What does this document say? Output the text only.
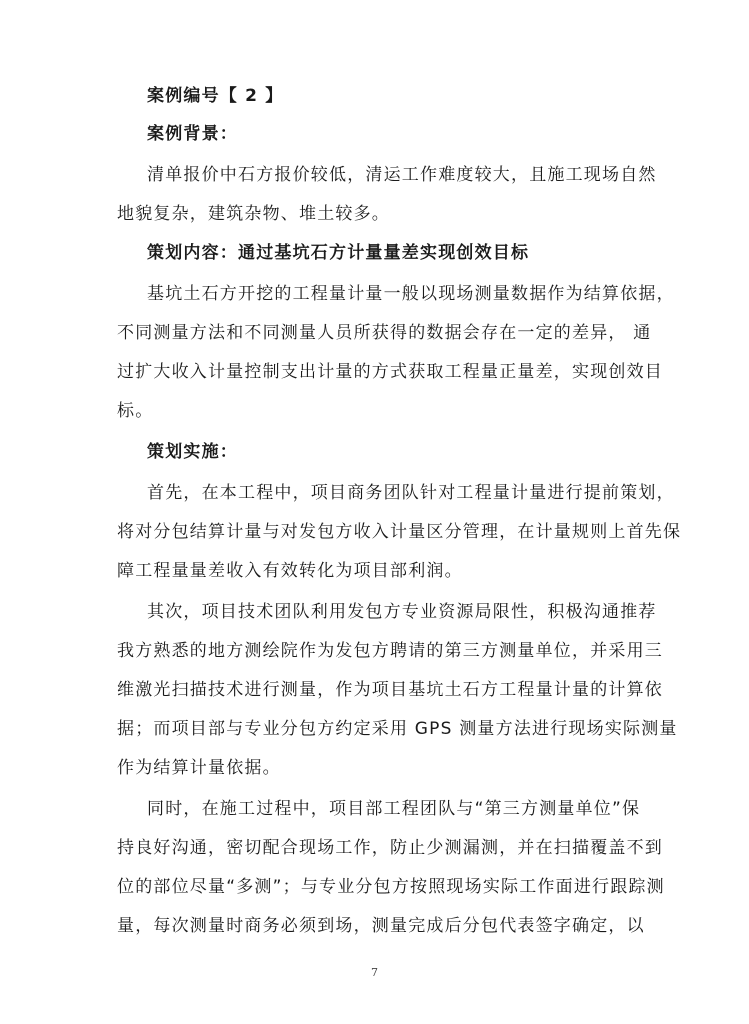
案例编号【 2 】
案例背景：
清单报价中石方报价较低，清运工作难度较大，且施工现场自然
地貌复杂，建筑杂物、堆土较多。
策划内容：通过基坑石方计量量差实现创效目标
基坑土石方开挖的工程量计量一般以现场测量数据作为结算依据，
不同测量方法和不同测量人员所获得的数据会存在一定的差异， 通
过扩大收入计量控制支出计量的方式获取工程量正量差，实现创效目
标。
策划实施：
首先，在本工程中，项目商务团队针对工程量计量进行提前策划，
将对分包结算计量与对发包方收入计量区分管理，在计量规则上首先保
障工程量量差收入有效转化为项目部利润。
其次，项目技术团队利用发包方专业资源局限性，积极沟通推荐
我方熟悉的地方测绘院作为发包方聘请的第三方测量单位，并采用三
维激光扫描技术进行测量，作为项目基坑土石方工程量计量的计算依
据；而项目部与专业分包方约定采用 GPS 测量方法进行现场实际测量
作为结算计量依据。
同时，在施工过程中，项目部工程团队与“第三方测量单位”保
持良好沟通，密切配合现场工作，防止少测漏测，并在扫描覆盖不到
位的部位尽量“多测”；与专业分包方按照现场实际工作面进行跟踪测
量，每次测量时商务必须到场，测量完成后分包代表签字确定，以
7
